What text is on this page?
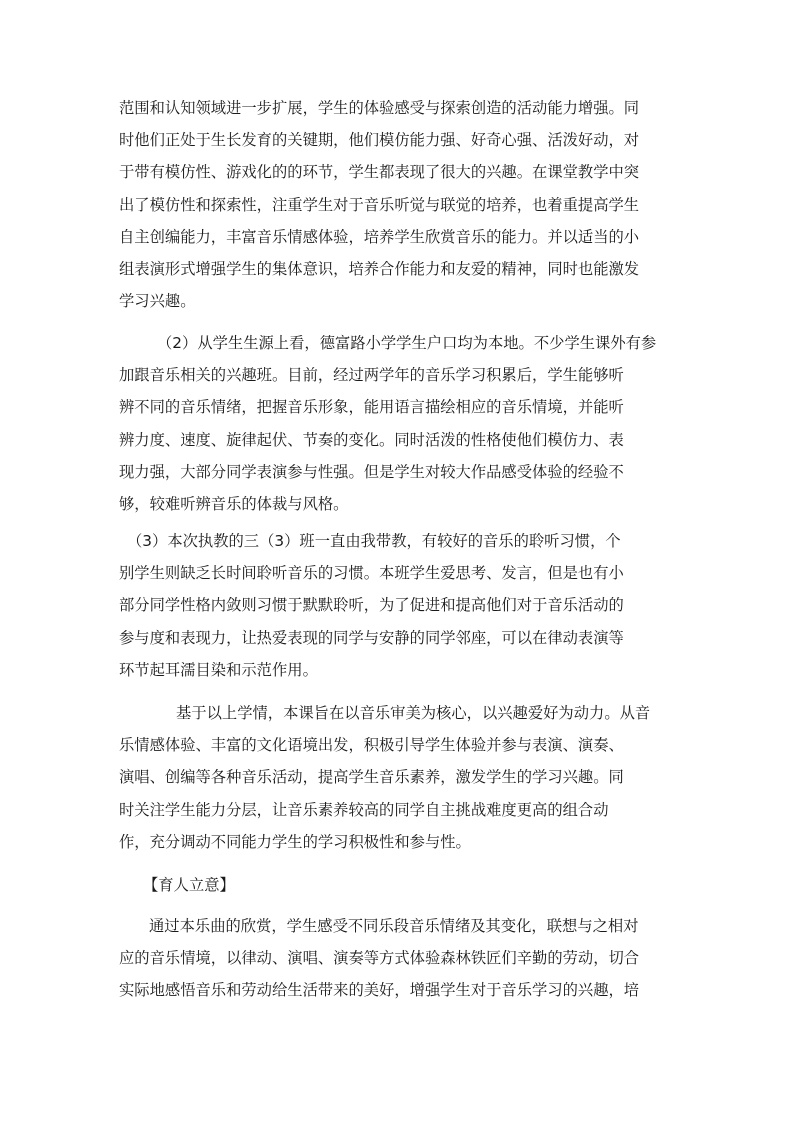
范围和认知领域进一步扩展，学生的体验感受与探索创造的活动能力增强。同
时他们正处于生长发育的关键期，他们模仿能力强、好奇心强、活泼好动，对
于带有模仿性、游戏化的的环节，学生都表现了很大的兴趣。在课堂教学中突
出了模仿性和探索性，注重学生对于音乐听觉与联觉的培养，也着重提高学生
自主创编能力，丰富音乐情感体验，培养学生欣赏音乐的能力。并以适当的小
组表演形式增强学生的集体意识，培养合作能力和友爱的精神，同时也能激发
学习兴趣。
（2）从学生生源上看，德富路小学学生户口均为本地。不少学生课外有参
加跟音乐相关的兴趣班。目前，经过两学年的音乐学习积累后，学生能够听
辨不同的音乐情绪，把握音乐形象，能用语言描绘相应的音乐情境，并能听
辨力度、速度、旋律起伏、节奏的变化。同时活泼的性格使他们模仿力、表
现力强，大部分同学表演参与性强。但是学生对较大作品感受体验的经验不
够，较难听辨音乐的体裁与风格。
（3）本次执教的三（3）班一直由我带教，有较好的音乐的聆听习惯，个
别学生则缺乏长时间聆听音乐的习惯。本班学生爱思考、发言，但是也有小
部分同学性格内敛则习惯于默默聆听，为了促进和提高他们对于音乐活动的
参与度和表现力，让热爱表现的同学与安静的同学邻座，可以在律动表演等
环节起耳濡目染和示范作用。
基于以上学情，本课旨在以音乐审美为核心，以兴趣爱好为动力。从音
乐情感体验、丰富的文化语境出发，积极引导学生体验并参与表演、演奏、
演唱、创编等各种音乐活动，提高学生音乐素养，激发学生的学习兴趣。同
时关注学生能力分层，让音乐素养较高的同学自主挑战难度更高的组合动
作，充分调动不同能力学生的学习积极性和参与性。
【育人立意】
通过本乐曲的欣赏，学生感受不同乐段音乐情绪及其变化，联想与之相对
应的音乐情境，以律动、演唱、演奏等方式体验森林铁匠们辛勤的劳动，切合
实际地感悟音乐和劳动给生活带来的美好，增强学生对于音乐学习的兴趣，培
